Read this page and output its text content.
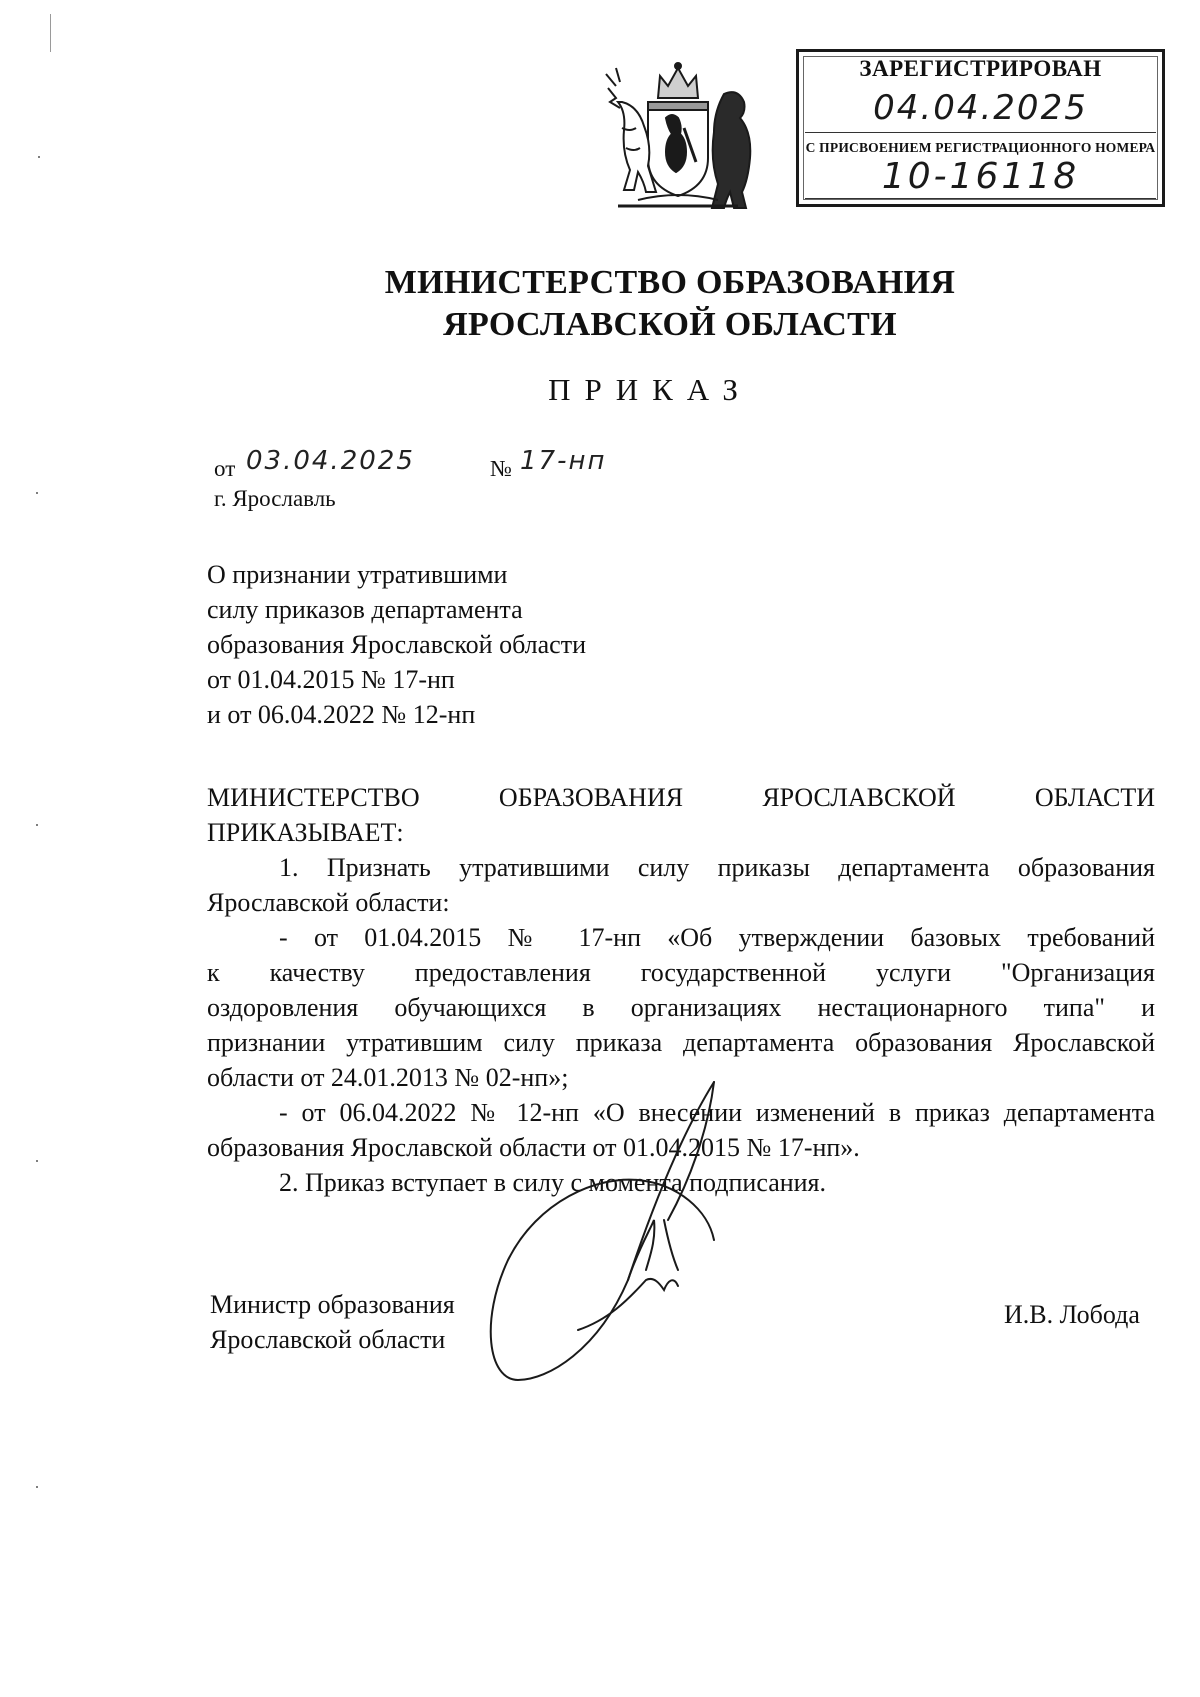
ЗАРЕГИСТРИРОВАН
04.04.2025
С ПРИСВОЕНИЕМ РЕГИСТРАЦИОННОГО НОМЕРА
10-16118
МИНИСТЕРСТВО ОБРАЗОВАНИЯ
ЯРОСЛАВСКОЙ ОБЛАСТИ
ПРИКАЗ
от 03.04.2025	№ 17-нп
г. Ярославль
О признании утратившими
силу приказов департамента
образования Ярославской области
от 01.04.2015 № 17-нп
и от 06.04.2022 № 12-нп
МИНИСТЕРСТВО ОБРАЗОВАНИЯ ЯРОСЛАВСКОЙ ОБЛАСТИ
ПРИКАЗЫВАЕТ:
1. Признать утратившими силу приказы департамента образования
Ярославской области:
- от 01.04.2015 № 17-нп «Об утверждении базовых требований
к качеству предоставления государственной услуги "Организация
оздоровления обучающихся в организациях нестационарного типа" и
признании утратившим силу приказа департамента образования Ярославской
области от 24.01.2013 № 02-нп»;
- от 06.04.2022 № 12-нп «О внесении изменений в приказ департамента
образования Ярославской области от 01.04.2015 № 17-нп».
2. Приказ вступает в силу с момента подписания.
Министр образования
Ярославской области
И.В. Лобода
